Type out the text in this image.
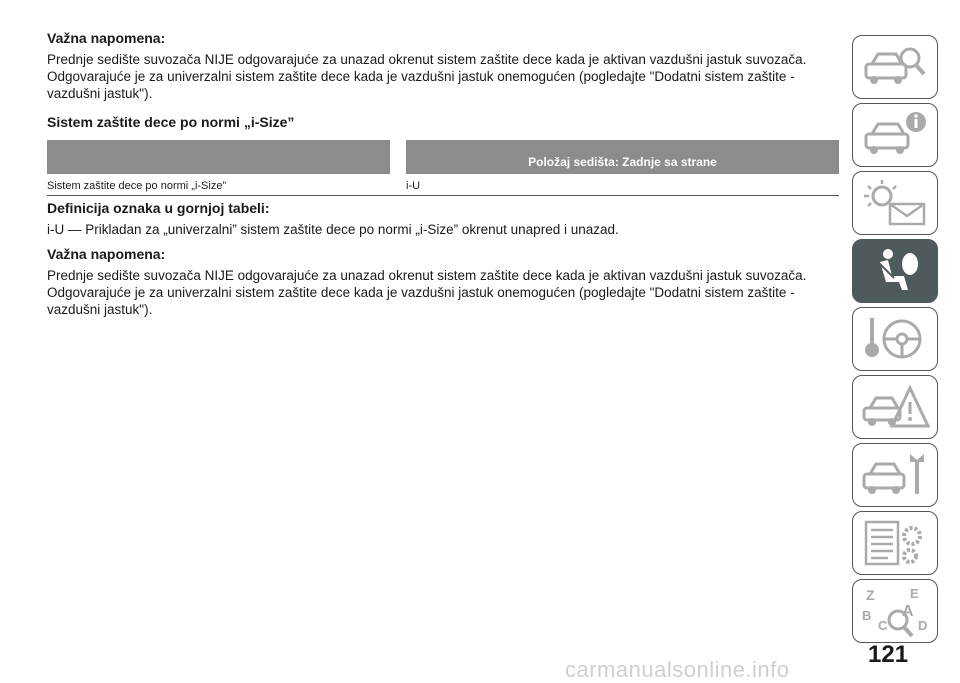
Važna napomena:

Prednje sedište suvozača NIJE odgovarajuće za unazad okrenut sistem zaštite dece kada je aktivan vazdušni jastuk suvozača. Odgovarajuće je za univerzalni sistem zaštite dece kada je vazdušni jastuk onemogućen (pogledajte "Dodatni sistem zaštite - vazdušni jastuk").

Sistem zaštite dece po normi „i-Size”
Položaj sedišta: Zadnje sa strane
Sistem zaštite dece po normi „i-Size”	i-U
Definicija oznaka u gornjoj tabeli:

i-U — Prikladan za „univerzalni” sistem zaštite dece po normi „i-Size” okrenut unapred i unazad.

Važna napomena:

Prednje sedište suvozača NIJE odgovarajuće za unazad okrenut sistem zaštite dece kada je aktivan vazdušni jastuk suvozača. Odgovarajuće je za univerzalni sistem zaštite dece kada je vazdušni jastuk onemogućen (pogledajte "Dodatni sistem zaštite - vazdušni jastuk").

Z	E
B A
C D
121
carmanualsonline.info
